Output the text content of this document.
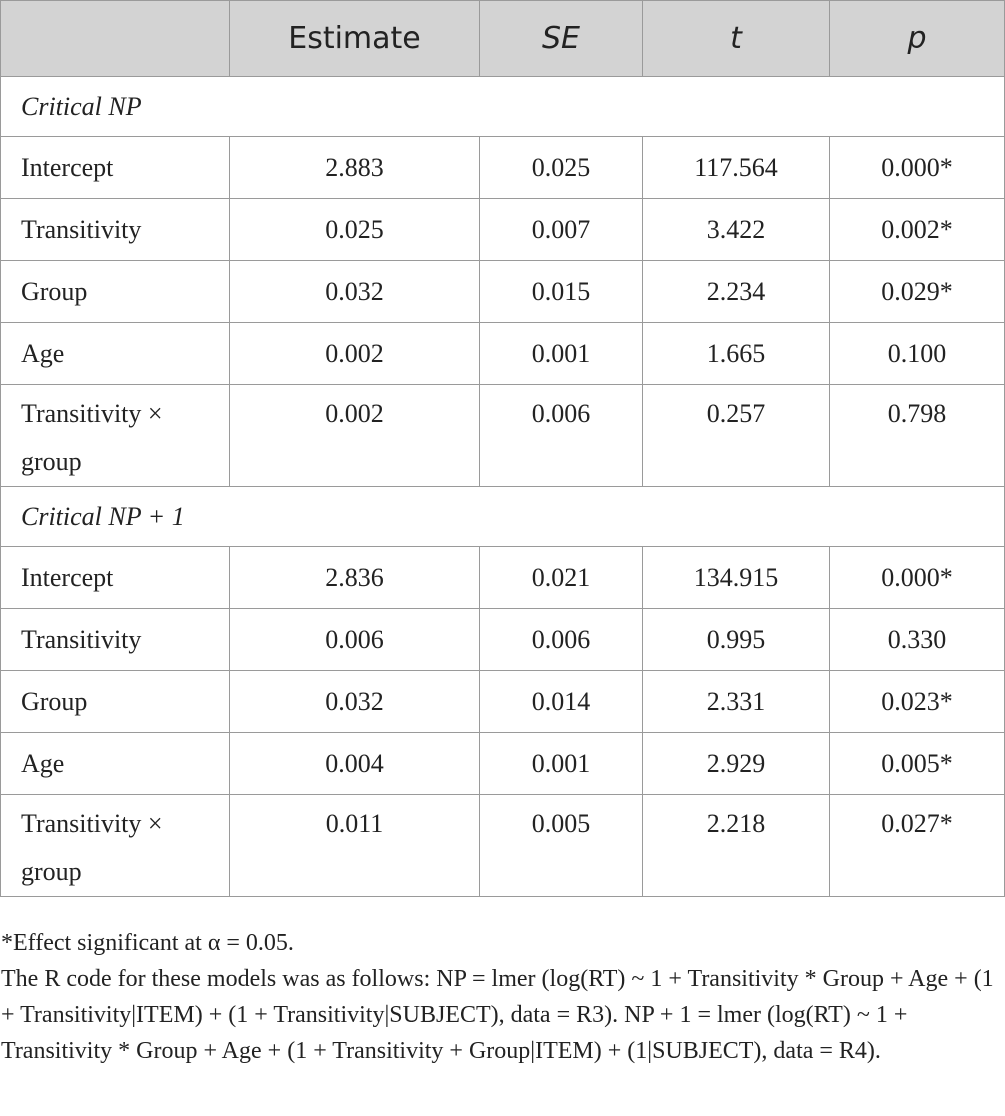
	Estimate	SE	t	p
Critical NP				
Intercept	2.883	0.025	117.564	0.000*
Transitivity	0.025	0.007	3.422	0.002*
Group	0.032	0.015	2.234	0.029*
Age	0.002	0.001	1.665	0.100
Transitivity × group	0.002	0.006	0.257	0.798
Critical NP + 1				
Intercept	2.836	0.021	134.915	0.000*
Transitivity	0.006	0.006	0.995	0.330
Group	0.032	0.014	2.331	0.023*
Age	0.004	0.001	2.929	0.005*
Transitivity × group	0.011	0.005	2.218	0.027*

*Effect significant at α = 0.05.

The R code for these models was as follows: NP = lmer (log(RT) ~ 1 + Transitivity * Group + Age + (1 + Transitivity|ITEM) + (1 + Transitivity|SUBJECT), data = R3). NP + 1 = lmer (log(RT) ~ 1 + Transitivity * Group + Age + (1 + Transitivity + Group|ITEM) + (1|SUBJECT), data = R4).
